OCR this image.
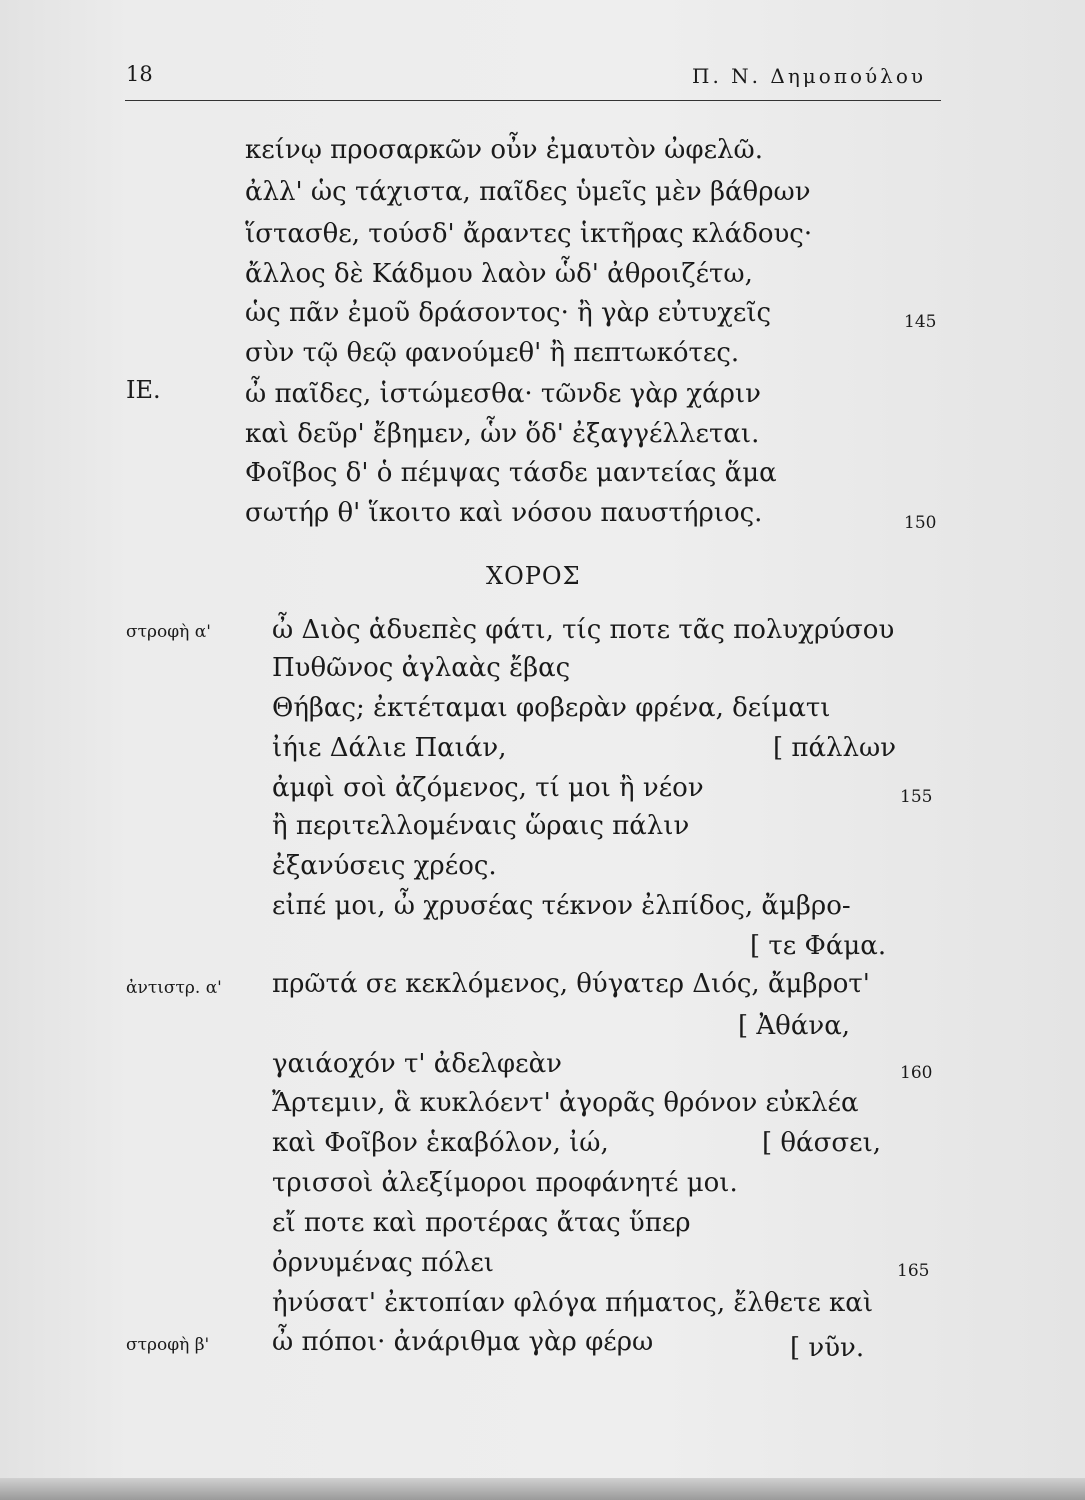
18	Π. Ν. Δημοπούλου
κείνῳ προσαρκῶν οὖν ἐμαυτὸν ὠφελῶ.
ἀλλ' ὡς τάχιστα, παῖδες ὑμεῖς μὲν βάθρων
ἵστασθε, τούσδ' ἄραντες ἱκτῆρας κλάδους·
ἄλλος δὲ Κάδμου λαὸν ὧδ' ἀθροιζέτω,
ὡς πᾶν ἐμοῦ δράσοντος· ἢ γὰρ εὐτυχεῖς	145
σὺν τῷ θεῷ φανούμεθ' ἢ πεπτωκότες.
ΙΕ.	ὦ παῖδες, ἱστώμεσθα· τῶνδε γὰρ χάριν
καὶ δεῦρ' ἔβημεν, ὧν ὅδ' ἐξαγγέλλεται.
Φοῖβος δ' ὁ πέμψας τάσδε μαντείας ἅμα
σωτήρ θ' ἵκοιτο καὶ νόσου παυστήριος.	150
ΧΟΡΟΣ
στροφὴ α' ὦ Διὸς ἁδυεπὲς φάτι, τίς ποτε τᾶς πολυχρύσου
Πυθῶνος ἀγλαὰς ἔβας
Θήβας; ἐκτέταμαι φοβερὰν φρένα, δείματι
ἰήιε Δάλιε Παιάν,	[ πάλλων
ἀμφὶ σοὶ ἀζόμενος, τί μοι ἢ νέον	155
ἢ περιτελλομέναις ὥραις πάλιν
ἐξανύσεις χρέος.
εἰπέ μοι, ὦ χρυσέας τέκνον ἐλπίδος, ἄμβρο-
[ τε Φάμα.
ἀντιστρ. α' πρῶτά σε κεκλόμενος, θύγατερ Διός, ἄμβροτ'
[ Ἀθάνα,
γαιάοχόν τ' ἀδελφεὰν	160
Ἄρτεμιν, ἃ κυκλόεντ' ἀγορᾶς θρόνον εὐκλέα
καὶ Φοῖβον ἑκαβόλον, ἰώ,	[ θάσσει,
τρισσοὶ ἀλεξίμοροι προφάνητέ μοι.
εἴ ποτε καὶ προτέρας ἄτας ὕπερ
ὀρνυμένας πόλει	165
ἠνύσατ' ἐκτοπίαν φλόγα πήματος, ἔλθετε καὶ
στροφὴ β' ὦ πόποι· ἀνάριθμα γὰρ φέρω	[ νῦν.
